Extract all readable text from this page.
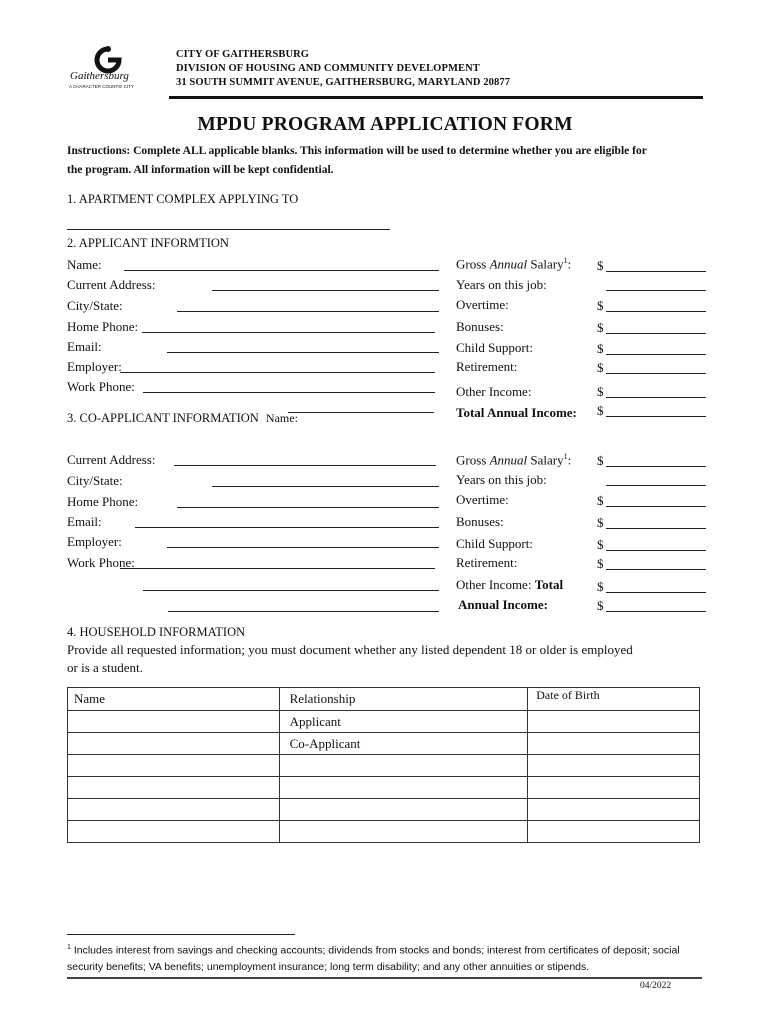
Gaithersburg
A CHARACTER COUNTS! CITY
CITY OF GAITHERSBURG
DIVISION OF HOUSING AND COMMUNITY DEVELOPMENT
31 SOUTH SUMMIT AVENUE, GAITHERSBURG, MARYLAND 20877
MPDU PROGRAM APPLICATION FORM
Instructions: Complete ALL applicable blanks. This information will be used to determine whether you are eligible for
the program. All information will be kept confidential.
1. APARTMENT COMPLEX APPLYING TO
2. APPLICANT INFORMTION
Name:
Current Address:
City/State:
Home Phone:
Email:
Employer:
Work Phone:
Gross Annual Salary$^1$: $
Years on this job:
Overtime:	$
Bonuses:	$
Child Support:	$
Retirement:	$
Other Income:	$
Total Annual Income: $
3. CO-APPLICANT INFORMATION Name:
Current Address:
City/State:
Home Phone:
Email:
Employer:
Work Phone:
Gross Annual Salary$^1$: $
Years on this job:
Overtime:	$
Bonuses:	$
Child Support:	$
Retirement:	$
Other Income: Total	$
Annual Income:	$
4. HOUSEHOLD INFORMATION
Provide all requested information; you must document whether any listed dependent 18 or older is employed
or is a student.
Name	Relationship	Date of Birth
	Applicant	
	Co-Applicant	

$^1$ Includes interest from savings and checking accounts; dividends from stocks and bonds; interest from certificates of deposit; social
security benefits; VA benefits; unemployment insurance; long term disability; and any other annuities or stipends.
04/2022
